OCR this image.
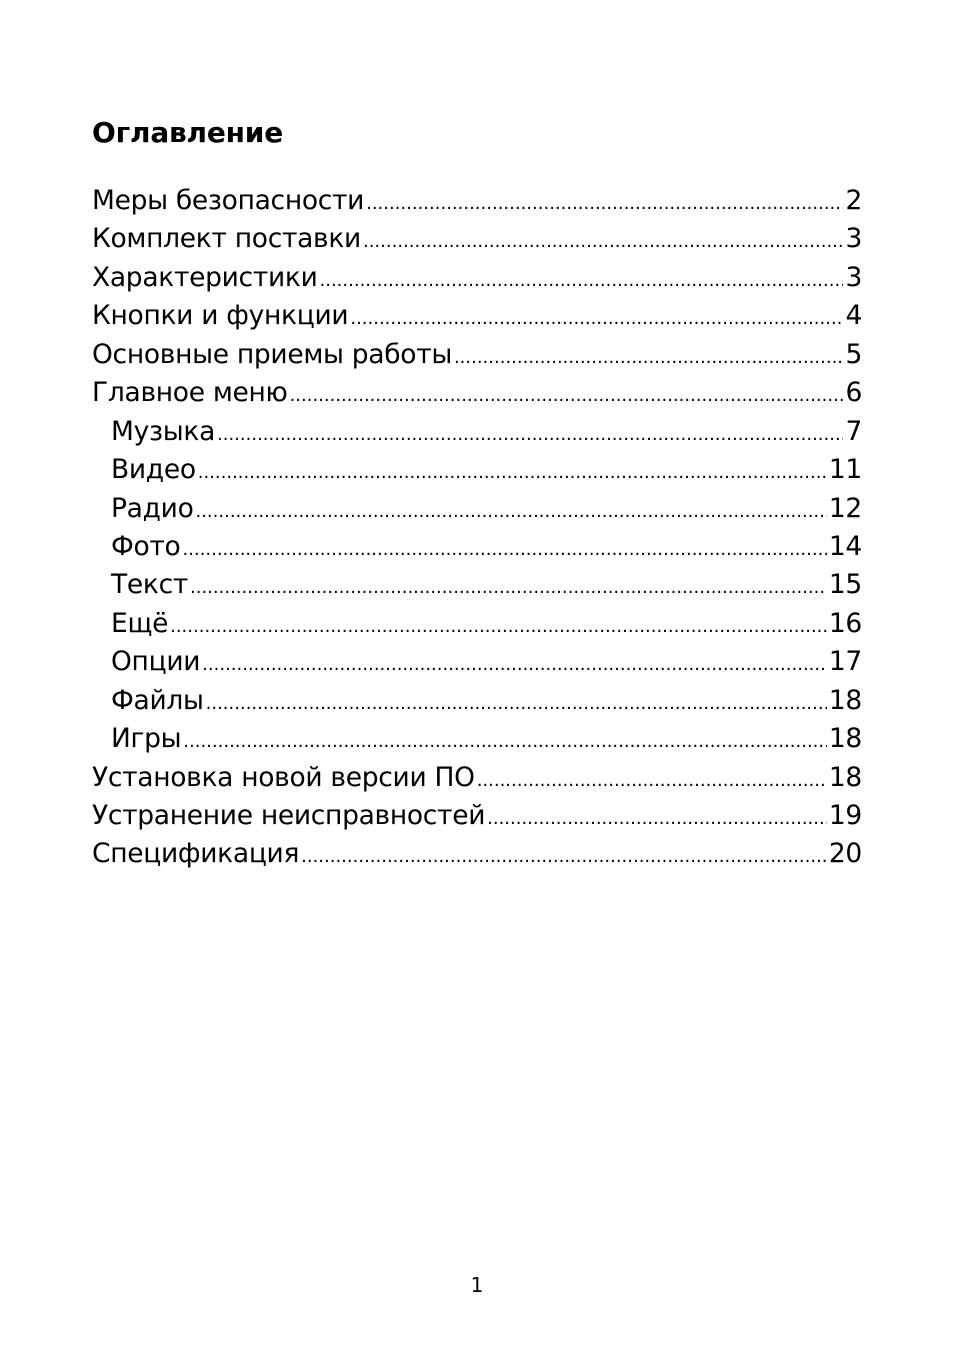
Оглавление
Меры безопасности .....	2
Комплект поставки .....	3
Характеристики .....	3
Кнопки и функции .....	4
Основные приемы работы .....	5
Главное меню .....	6
Музыка .....	7
Видео .....	11
Радио .....	12
Фото .....	14
Текст .....	15
Ещё .....	16
Опции .....	17
Файлы .....	18
Игры .....	18
Установка новой версии ПО .....	18
Устранение неисправностей .....	19
Спецификация .....	20
1
